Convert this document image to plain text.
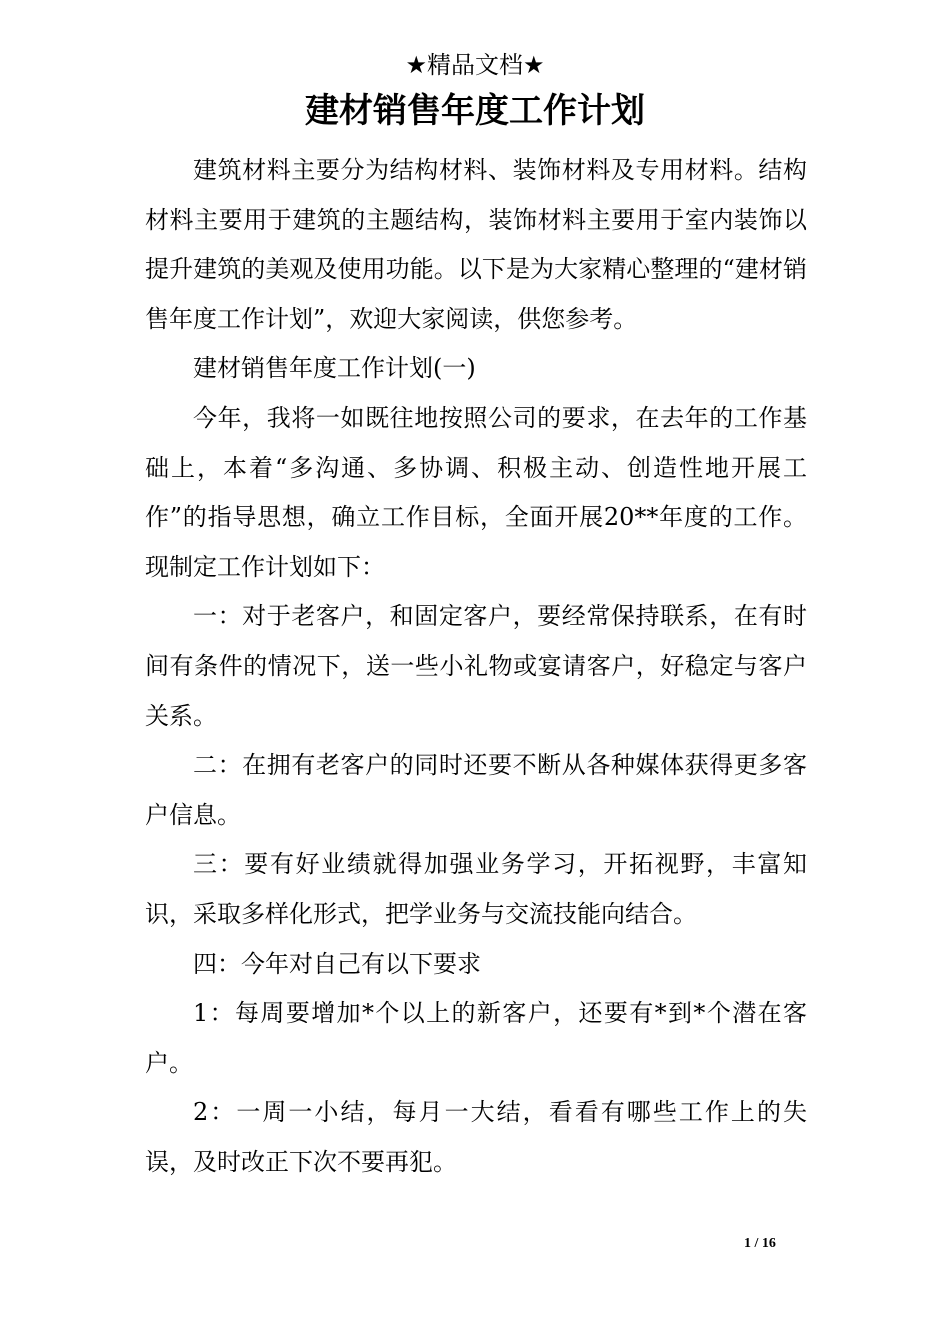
★精品文档★
建材销售年度工作计划

建筑材料主要分为结构材料、装饰材料及专用材料。结构材料主要用于建筑的主题结构，装饰材料主要用于室内装饰以提升建筑的美观及使用功能。以下是为大家精心整理的“建材销售年度工作计划”，欢迎大家阅读，供您参考。

建材销售年度工作计划(一)

今年，我将一如既往地按照公司的要求，在去年的工作基础上，本着“多沟通、多协调、积极主动、创造性地开展工作”的指导思想，确立工作目标，全面开展20**年度的工作。现制定工作计划如下：

一：对于老客户，和固定客户，要经常保持联系，在有时间有条件的情况下，送一些小礼物或宴请客户，好稳定与客户关系。

二：在拥有老客户的同时还要不断从各种媒体获得更多客户信息。

三：要有好业绩就得加强业务学习，开拓视野，丰富知识，采取多样化形式，把学业务与交流技能向结合。

四：今年对自己有以下要求

1：每周要增加*个以上的新客户，还要有*到*个潜在客户。

2：一周一小结，每月一大结，看看有哪些工作上的失误，及时改正下次不要再犯。

1 / 16
